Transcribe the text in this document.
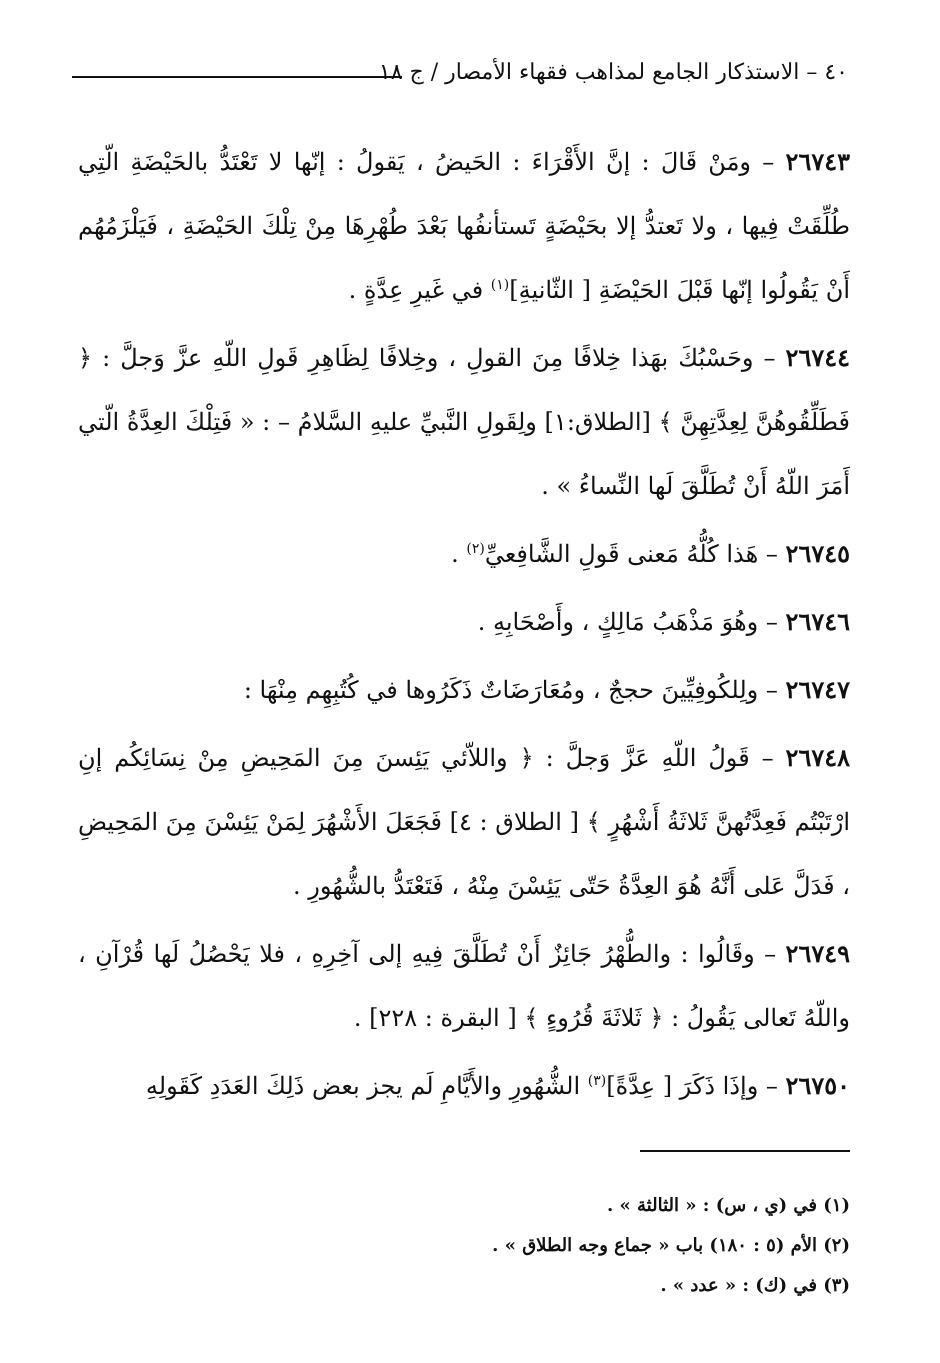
٤٠ – الاستذكار الجامع لمذاهب فقهاء الأمصار / ج ١٨

٢٦٧٤٣ – ومَنْ قَالَ : إنَّ الأَقْرَاءَ : الحَيضُ ، يَقولُ : إنّها لا تَعْتَدُّ بالحَيْضَةِ الّتِي طُلِّقَتْ فِيها ، ولا تَعتدُّ إلا بحَيْضَةٍ تَستأنفُها بَعْدَ طُهْرِهَا مِنْ تِلْكَ الحَيْضَةِ ، فَيَلْزَمُهُم أَنْ يَقُولُوا إنّها قَبْلَ الحَيْضَةِ [ الثّانيةِ]$^{(١)}$ في غَيرِ عِدَّةٍ .

٢٦٧٤٤ – وحَسْبُكَ بهَذا خِلافًا مِنَ القولِ ، وخِلافًا لِظَاهِرِ قَولِ اللّهِ عزَّ وَجلَّ : ﴿ فَطَلِّقُوهُنَّ لِعِدَّتِهِنَّ ﴾ [الطلاق:١] ولِقَولِ النَّبيِّ عليهِ السَّلامُ – : « فَتِلْكَ العِدَّةُ الّتي أَمَرَ اللّهُ أَنْ تُطَلَّقَ لَها النِّساءُ » .

٢٦٧٤٥ – هَذا كُلُّهُ مَعنى قَولِ الشَّافِعيِّ$^{(٢)}$ .

٢٦٧٤٦ – وهُوَ مَذْهَبُ مَالِكٍ ، وأَصْحَابِهِ .

٢٦٧٤٧ – ولِلكُوفِيِّينَ حججٌ ، ومُعَارَضَاتٌ ذَكَرُوها في كُتُبِهِم مِنْهَا :

٢٦٧٤٨ – قَولُ اللّهِ عَزَّ وَجلَّ : ﴿ واللاّئي يَئِسنَ مِنَ المَحِيضِ مِنْ نِسَائِكُم إنِ ارْتَبْتُم فَعِدَّتُهنَّ ثَلاثَةُ أَشْهُرٍ ﴾ [ الطلاق : ٤] فَجَعَلَ الأَشْهُرَ لِمَنْ يَئِسْنَ مِنَ المَحِيضِ ، فَدَلَّ عَلى أَنَّهُ هُوَ العِدَّةُ حَتّى يَئِسْنَ مِنْهُ ، فَتَعْتَدُّ بالشُّهُورِ .

٢٦٧٤٩ – وقَالُوا : والطُّهْرُ جَائِزٌ أَنْ تُطَلَّقَ فِيهِ إلى آخِرِهِ ، فلا يَحْصُلُ لَها قُرْآنِ ، واللّهُ تَعالى يَقُولُ : ﴿ ثَلاثَةَ قُرُوءٍ ﴾ [ البقرة : ٢٢٨] .

٢٦٧٥٠ – وإذَا ذَكَرَ [ عِدَّةً]$^{(٣)}$ الشُّهُورِ والأَيَّامِ لَم يجز بعض ذَلِكَ العَدَدِ كَقَولِهِ

(١) في (ي ، س) : « الثالثة » .
(٢) الأم (٥ : ١٨٠) باب « جماع وجه الطلاق » .
(٣) في (ك) : « عدد » .
